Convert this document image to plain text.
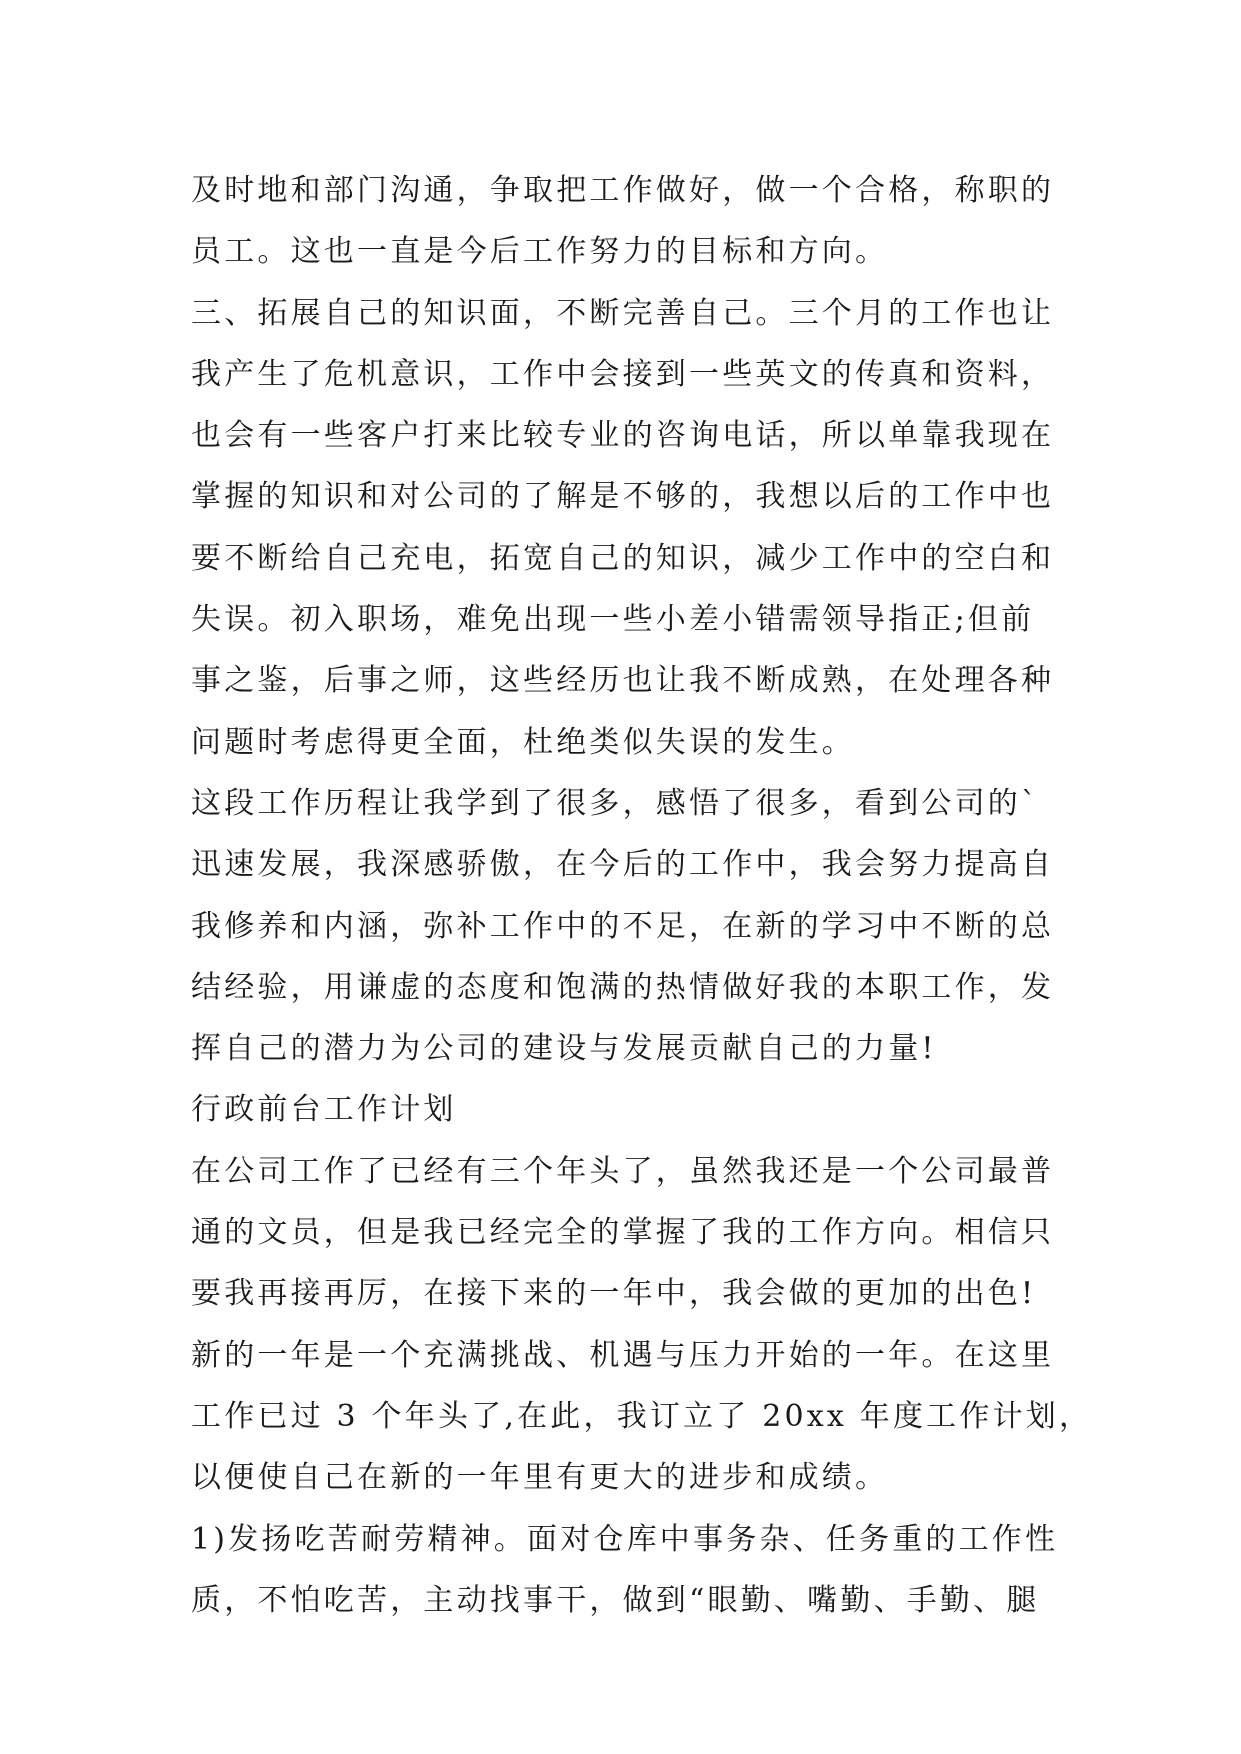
及时地和部门沟通，争取把工作做好，做一个合格，称职的
员工。这也一直是今后工作努力的目标和方向。
三、拓展自己的知识面，不断完善自己。三个月的工作也让
我产生了危机意识，工作中会接到一些英文的传真和资料，
也会有一些客户打来比较专业的咨询电话，所以单靠我现在
掌握的知识和对公司的了解是不够的，我想以后的工作中也
要不断给自己充电，拓宽自己的知识，减少工作中的空白和
失误。初入职场，难免出现一些小差小错需领导指正;但前
事之鉴，后事之师，这些经历也让我不断成熟，在处理各种
问题时考虑得更全面，杜绝类似失误的发生。
这段工作历程让我学到了很多，感悟了很多，看到公司的`
迅速发展，我深感骄傲，在今后的工作中，我会努力提高自
我修养和内涵，弥补工作中的不足，在新的学习中不断的总
结经验，用谦虚的态度和饱满的热情做好我的本职工作，发
挥自己的潜力为公司的建设与发展贡献自己的力量!
行政前台工作计划
在公司工作了已经有三个年头了，虽然我还是一个公司最普
通的文员，但是我已经完全的掌握了我的工作方向。相信只
要我再接再厉，在接下来的一年中，我会做的更加的出色!
新的一年是一个充满挑战、机遇与压力开始的一年。在这里
工作已过 3 个年头了,在此，我订立了 20xx 年度工作计划，
以便使自己在新的一年里有更大的进步和成绩。
1)发扬吃苦耐劳精神。面对仓库中事务杂、任务重的工作性
质，不怕吃苦，主动找事干，做到“眼勤、嘴勤、手勤、腿
